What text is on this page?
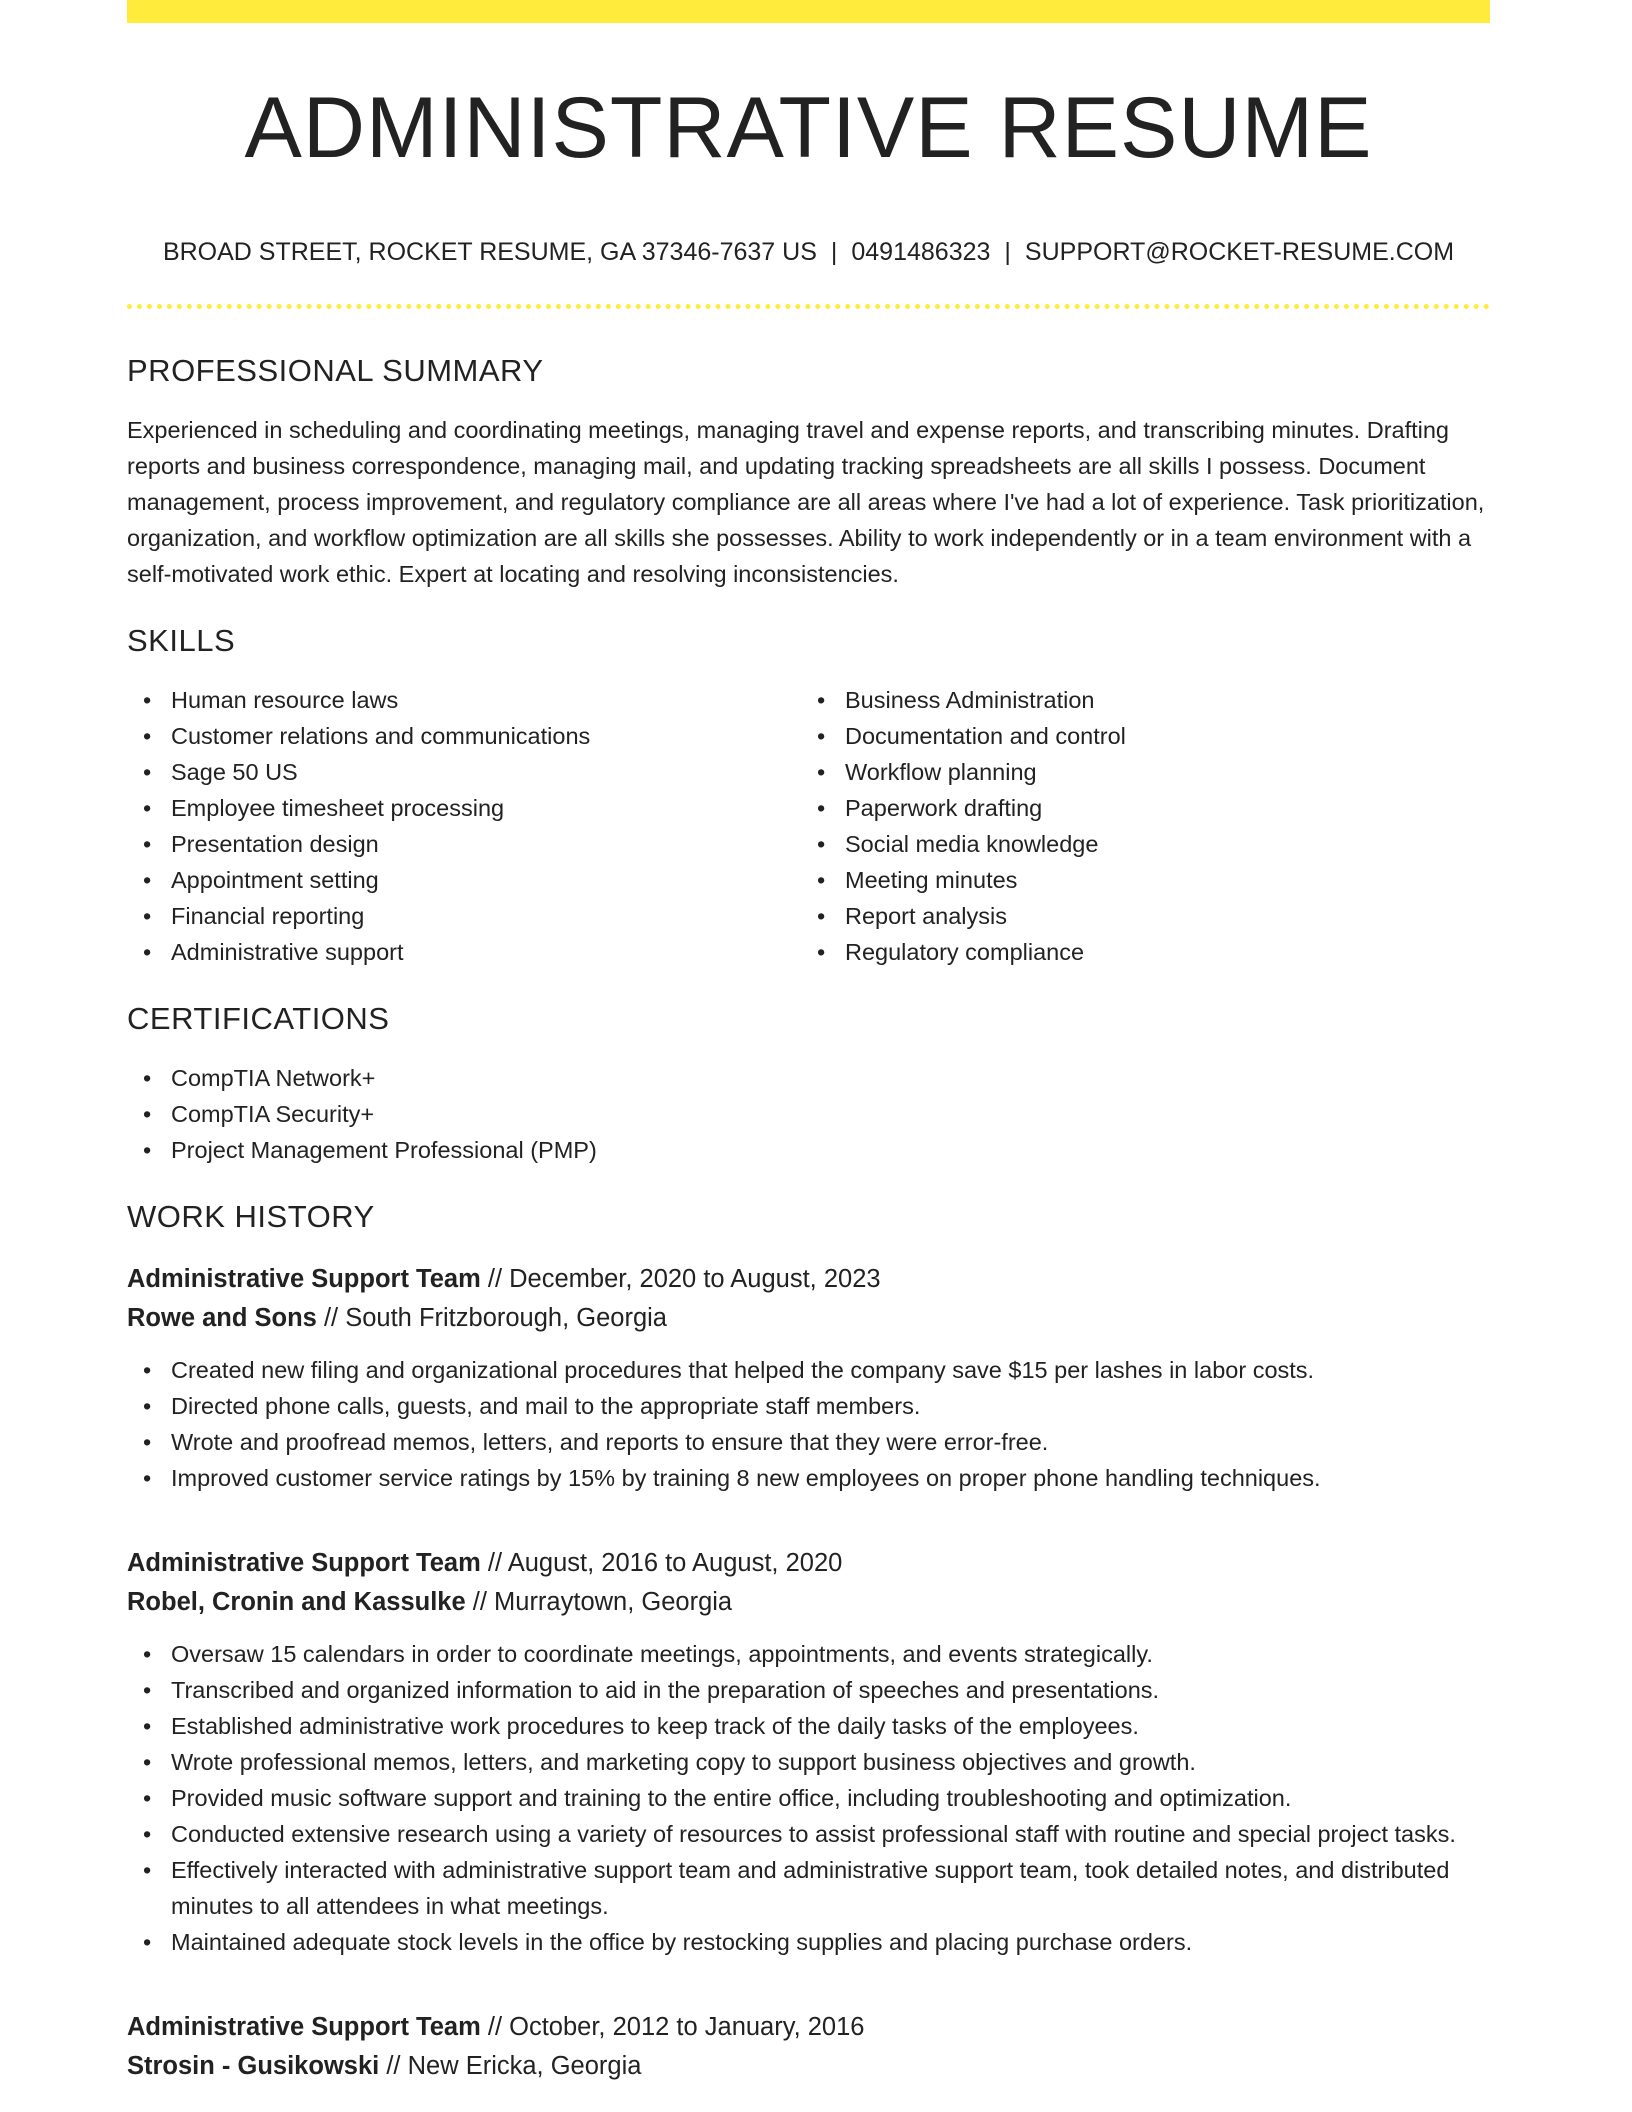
ADMINISTRATIVE RESUME
BROAD STREET, ROCKET RESUME, GA 37346-7637 US | 0491486323 | SUPPORT@ROCKET-RESUME.COM
PROFESSIONAL SUMMARY

Experienced in scheduling and coordinating meetings, managing travel and expense reports, and transcribing minutes. Drafting reports and business correspondence, managing mail, and updating tracking spreadsheets are all skills I possess. Document management, process improvement, and regulatory compliance are all areas where I've had a lot of experience. Task prioritization, organization, and workflow optimization are all skills she possesses. Ability to work independently or in a team environment with a self-motivated work ethic. Expert at locating and resolving inconsistencies.

SKILLS
• Human resource laws
• Customer relations and communications
• Sage 50 US
• Employee timesheet processing
• Presentation design
• Appointment setting
• Financial reporting
• Administrative support
• Business Administration
• Documentation and control
• Workflow planning
• Paperwork drafting
• Social media knowledge
• Meeting minutes
• Report analysis
• Regulatory compliance
CERTIFICATIONS
• CompTIA Network+
• CompTIA Security+
• Project Management Professional (PMP)
WORK HISTORY
Administrative Support Team // December, 2020 to August, 2023
Rowe and Sons // South Fritzborough, Georgia
• Created new filing and organizational procedures that helped the company save $15 per lashes in labor costs.
• Directed phone calls, guests, and mail to the appropriate staff members.
• Wrote and proofread memos, letters, and reports to ensure that they were error-free.
• Improved customer service ratings by 15% by training 8 new employees on proper phone handling techniques.
Administrative Support Team // August, 2016 to August, 2020
Robel, Cronin and Kassulke // Murraytown, Georgia
• Oversaw 15 calendars in order to coordinate meetings, appointments, and events strategically.
• Transcribed and organized information to aid in the preparation of speeches and presentations.
• Established administrative work procedures to keep track of the daily tasks of the employees.
• Wrote professional memos, letters, and marketing copy to support business objectives and growth.
• Provided music software support and training to the entire office, including troubleshooting and optimization.
• Conducted extensive research using a variety of resources to assist professional staff with routine and special project tasks.
• Effectively interacted with administrative support team and administrative support team, took detailed notes, and distributed minutes to all attendees in what meetings.
• Maintained adequate stock levels in the office by restocking supplies and placing purchase orders.
Administrative Support Team // October, 2012 to January, 2016
Strosin - Gusikowski // New Ericka, Georgia
